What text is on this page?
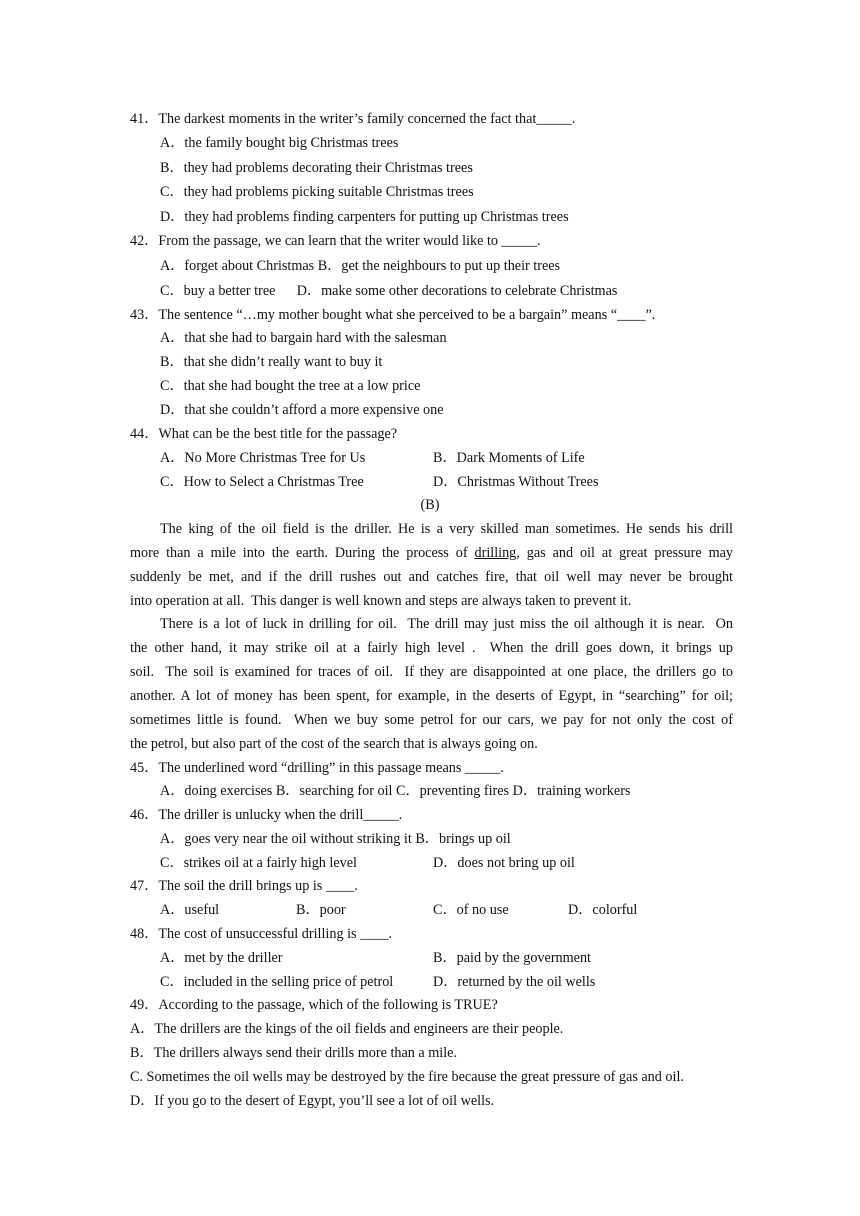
41．The darkest moments in the writer’s family concerned the fact that_____.
A．the family bought big Christmas trees
B．they had problems decorating their Christmas trees
C．they had problems picking suitable Christmas trees
D．they had problems finding carpenters for putting up Christmas trees
42．From the passage, we can learn that the writer would like to _____.
A．forget about Christmas B．get the neighbours to put up their trees
C．buy a better tree      D．make some other decorations to celebrate Christmas
43．The sentence “…my mother bought what she perceived to be a bargain” means “____”.
A．that she had to bargain hard with the salesman
B．that she didn’t really want to buy it
C．that she had bought the tree at a low price
D．that she couldn’t afford a more expensive one
44．What can be the best title for the passage?
A．No More Christmas Tree for Us	B．Dark Moments of Life
C．How to Select a Christmas Tree	D．Christmas Without Trees
(B)
The king of the oil field is the driller. He is a very skilled man sometimes. He sends his drill
more than a mile into the earth. During the process of drilling, gas and oil at great pressure may
suddenly be met, and if the drill rushes out and catches fire, that oil well may never be brought
into operation at all.  This danger is well known and steps are always taken to prevent it.
There is a lot of luck in drilling for oil.  The drill may just miss the oil although it is near.  On
the other hand, it may strike oil at a fairly high level .  When the drill goes down, it brings up
soil.  The soil is examined for traces of oil.  If they are disappointed at one place, the drillers go to
another. A lot of money has been spent, for example, in the deserts of Egypt, in “searching” for oil;
sometimes little is found.  When we buy some petrol for our cars, we pay for not only the cost of
the petrol, but also part of the cost of the search that is always going on.
45．The underlined word “drilling” in this passage means _____.
A．doing exercises B．searching for oil C．preventing fires D．training workers
46．The driller is unlucky when the drill_____.
A．goes very near the oil without striking it B．brings up oil
C．strikes oil at a fairly high level	D．does not bring up oil
47．The soil the drill brings up is ____.
A．useful	B．poor	C．of no use	D．colorful
48．The cost of unsuccessful drilling is ____.
A．met by the driller	B．paid by the government
C．included in the selling price of petrol	D．returned by the oil wells
49．According to the passage, which of the following is TRUE?
A．The drillers are the kings of the oil fields and engineers are their people.
B．The drillers always send their drills more than a mile.
C. Sometimes the oil wells may be destroyed by the fire because the great pressure of gas and oil.
D．If you go to the desert of Egypt, you’ll see a lot of oil wells.
